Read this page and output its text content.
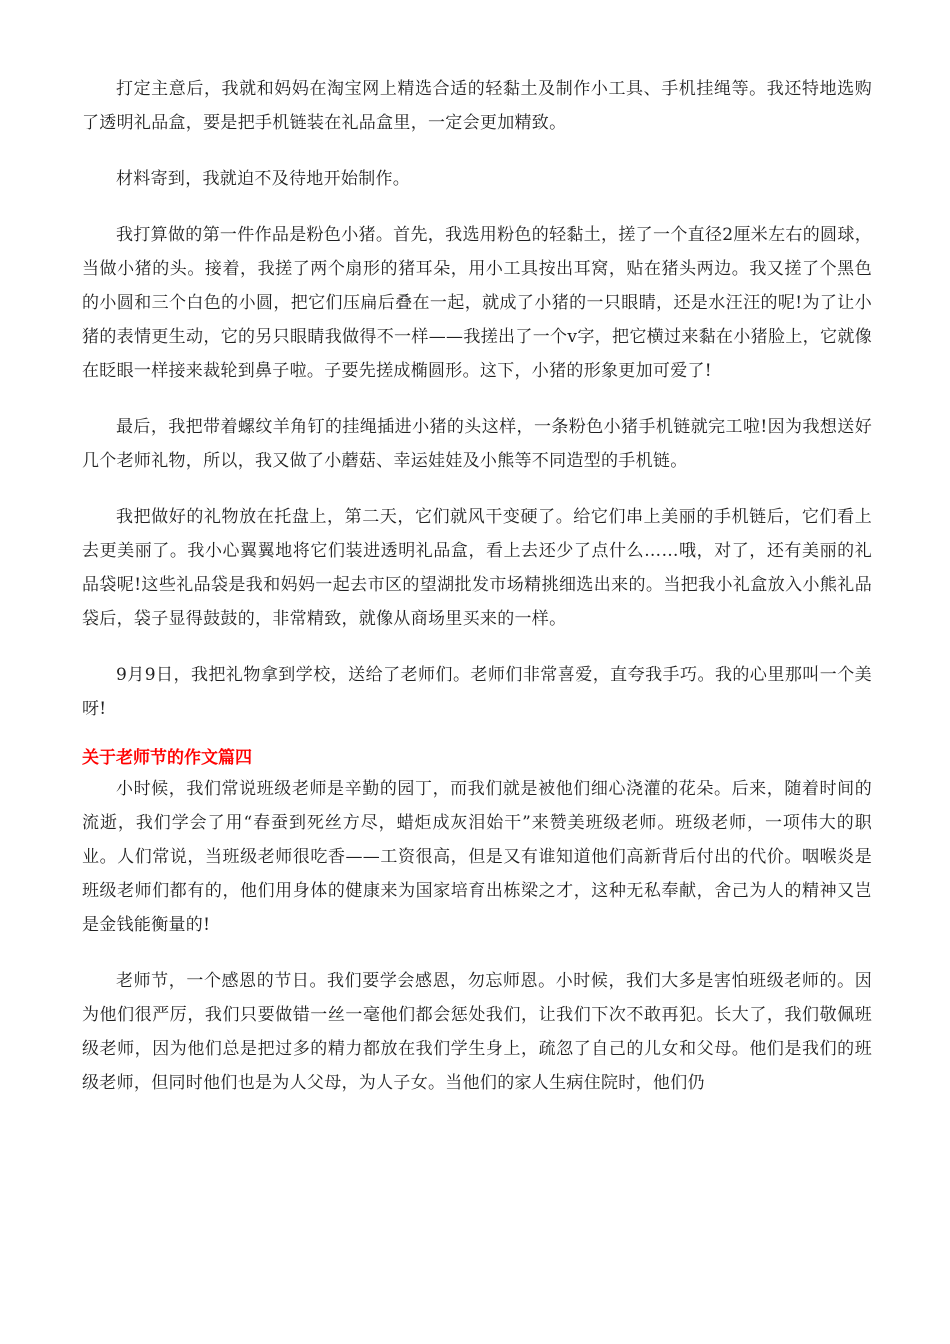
打定主意后，我就和妈妈在淘宝网上精选合适的轻黏土及制作小工具、手机挂绳等。我还特地选购了透明礼品盒，要是把手机链装在礼品盒里，一定会更加精致。

材料寄到，我就迫不及待地开始制作。

我打算做的第一件作品是粉色小猪。首先，我选用粉色的轻黏土，搓了一个直径2厘米左右的圆球，当做小猪的头。接着，我搓了两个扇形的猪耳朵，用小工具按出耳窝，贴在猪头两边。我又搓了个黑色的小圆和三个白色的小圆，把它们压扁后叠在一起，就成了小猪的一只眼睛，还是水汪汪的呢!为了让小猪的表情更生动，它的另只眼睛我做得不一样——我搓出了一个v字，把它横过来黏在小猪脸上，它就像在眨眼一样接来裁轮到鼻子啦。子要先搓成椭圆形。这下，小猪的形象更加可爱了!

最后，我把带着螺纹羊角钉的挂绳插进小猪的头这样，一条粉色小猪手机链就完工啦!因为我想送好几个老师礼物，所以，我又做了小蘑菇、幸运娃娃及小熊等不同造型的手机链。

我把做好的礼物放在托盘上，第二天，它们就风干变硬了。给它们串上美丽的手机链后，它们看上去更美丽了。我小心翼翼地将它们装进透明礼品盒，看上去还少了点什么……哦，对了，还有美丽的礼品袋呢!这些礼品袋是我和妈妈一起去市区的望湖批发市场精挑细选出来的。当把我小礼盒放入小熊礼品袋后，袋子显得鼓鼓的，非常精致，就像从商场里买来的一样。

9月9日，我把礼物拿到学校，送给了老师们。老师们非常喜爱，直夸我手巧。我的心里那叫一个美呀!

关于老师节的作文篇四

小时候，我们常说班级老师是辛勤的园丁，而我们就是被他们细心浇灌的花朵。后来，随着时间的流逝，我们学会了用“春蚕到死丝方尽，蜡炬成灰泪始干”来赞美班级老师。班级老师，一项伟大的职业。人们常说，当班级老师很吃香——工资很高，但是又有谁知道他们高新背后付出的代价。咽喉炎是班级老师们都有的，他们用身体的健康来为国家培育出栋梁之才，这种无私奉献，舍己为人的精神又岂是金钱能衡量的!

老师节，一个感恩的节日。我们要学会感恩，勿忘师恩。小时候，我们大多是害怕班级老师的。因为他们很严厉，我们只要做错一丝一毫他们都会惩处我们，让我们下次不敢再犯。长大了，我们敬佩班级老师，因为他们总是把过多的精力都放在我们学生身上，疏忽了自己的儿女和父母。他们是我们的班级老师，但同时他们也是为人父母，为人子女。当他们的家人生病住院时，他们仍
